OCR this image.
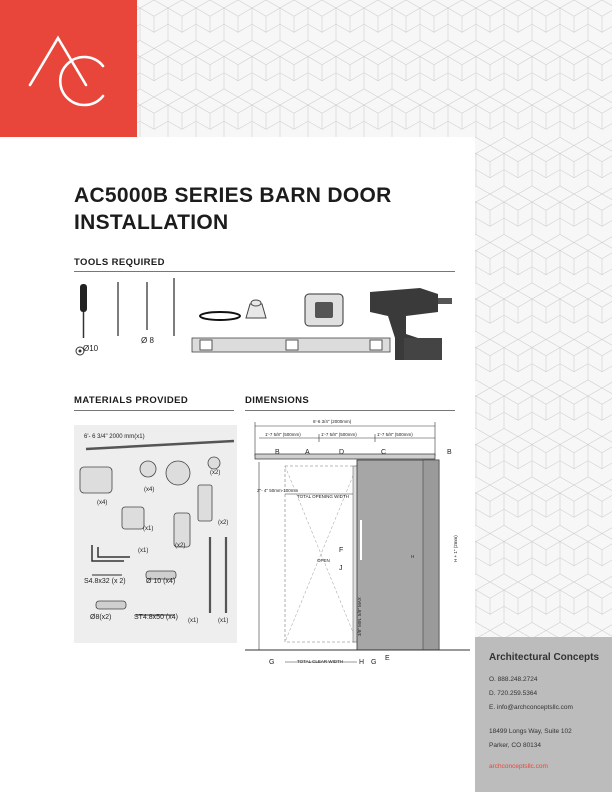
AC5000B SERIES BARN DOOR INSTALLATION
TOOLS REQUIRED
Ø10
Ø 8
MATERIALS PROVIDED
6'- 6 3/4" 2000 mm(x1)
(x2)
(x4)
(x4)
(x1)
(x2)
(x2)
(x1)
S4.8x32 (x 2)	Ø 10 (x4)
Ø8(x2)	ST4.8x50 (x4) (x1)	(x1)
DIMENSIONS
B	A	D	C	B
6'-6 3/4" (2000mm)
1'-7 5/8" (500mm)	1'-7 5/8" (500mm)	1'-7 5/8" (500mm)
2"- 4" 50mm-100mm
TOTAL OPENING WIDTH
F
J
OPEN
H	H + 1" (2mm)
3/8" MIN. 5/8" MAX
E
G	TOTAL CLEAR WIDTH H G	Architectural Concepts
O. 888.248.2724
D. 720.259.5364
E. info@archconceptsllc.com
18499 Longs Way, Suite 102
Parker, CO 80134
archconceptsllc.com
